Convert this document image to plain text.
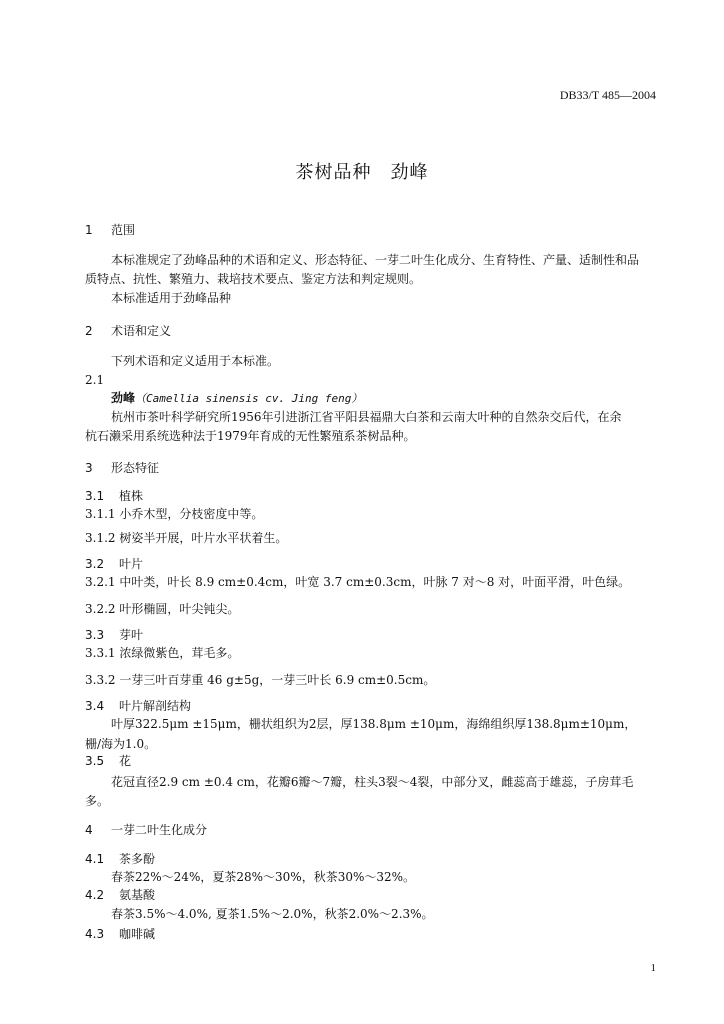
DB33/T 485—2004
茶树品种　劲峰
1 范围
本标准规定了劲峰品种的术语和定义、形态特征、一芽二叶生化成分、生育特性、产量、适制性和品
质特点、抗性、繁殖力、栽培技术要点、鉴定方法和判定规则。
本标准适用于劲峰品种
2 术语和定义
下列术语和定义适用于本标准。
2.1
劲峰（Camellia sinensis cv. Jing feng）
杭州市茶叶科学研究所1956年引进浙江省平阳县福鼎大白茶和云南大叶种的自然杂交后代，在余
杭石濑采用系统选种法于1979年育成的无性繁殖系茶树品种。
3 形态特征
3.1 植株
3.1.1 小乔木型，分枝密度中等。
3.1.2 树姿半开展，叶片水平状着生。
3.2 叶片
3.2.1 中叶类，叶长 8.9 cm±0.4cm，叶宽 3.7 cm±0.3cm，叶脉 7 对～8 对，叶面平滑，叶色绿。
3.2.2 叶形椭圆，叶尖钝尖。
3.3 芽叶
3.3.1 浓绿微紫色，茸毛多。
3.3.2 一芽三叶百芽重 46 g±5g，一芽三叶长 6.9 cm±0.5cm。
3.4 叶片解剖结构
叶厚322.5μm ±15μm，栅状组织为2层，厚138.8μm ±10μm，海绵组织厚138.8μm±10μm，
栅/海为1.0。
3.5 花
花冠直径2.9 cm ±0.4 cm，花瓣6瓣～7瓣，柱头3裂～4裂，中部分叉，雌蕊高于雄蕊，子房茸毛
多。
4 一芽二叶生化成分
4.1 茶多酚
春茶22%～24%，夏茶28%～30%，秋茶30%～32%。
4.2 氨基酸
春茶3.5%～4.0%, 夏茶1.5%～2.0%，秋茶2.0%～2.3%。
4.3 咖啡碱
1
